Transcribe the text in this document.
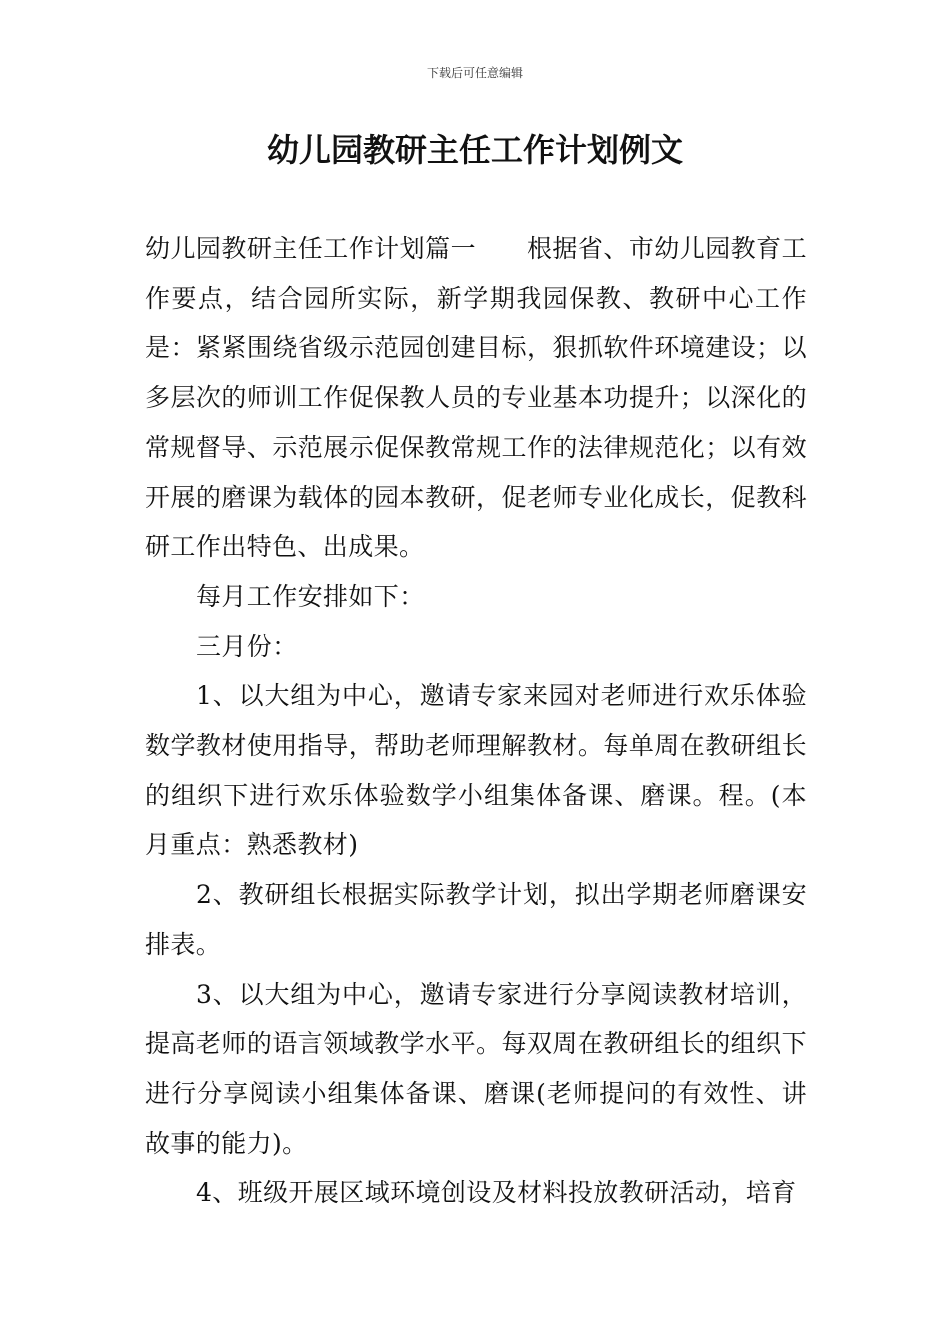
下载后可任意编辑
幼儿园教研主任工作计划例文

幼儿园教研主任工作计划篇一　　根据省、市幼儿园教育工作要点，结合园所实际，新学期我园保教、教研中心工作是：紧紧围绕省级示范园创建目标，狠抓软件环境建设；以多层次的师训工作促保教人员的专业基本功提升；以深化的常规督导、示范展示促保教常规工作的法律规范化；以有效开展的磨课为载体的园本教研，促老师专业化成长，促教科研工作出特色、出成果。

每月工作安排如下：

三月份：

1、以大组为中心，邀请专家来园对老师进行欢乐体验数学教材使用指导，帮助老师理解教材。每单周在教研组长的组织下进行欢乐体验数学小组集体备课、磨课。程。(本月重点：熟悉教材)

2、教研组长根据实际教学计划，拟出学期老师磨课安排表。

3、以大组为中心，邀请专家进行分享阅读教材培训，提高老师的语言领域教学水平。每双周在教研组长的组织下进行分享阅读小组集体备课、磨课(老师提问的有效性、讲故事的能力)。

4、班级开展区域环境创设及材料投放教研活动，培育
